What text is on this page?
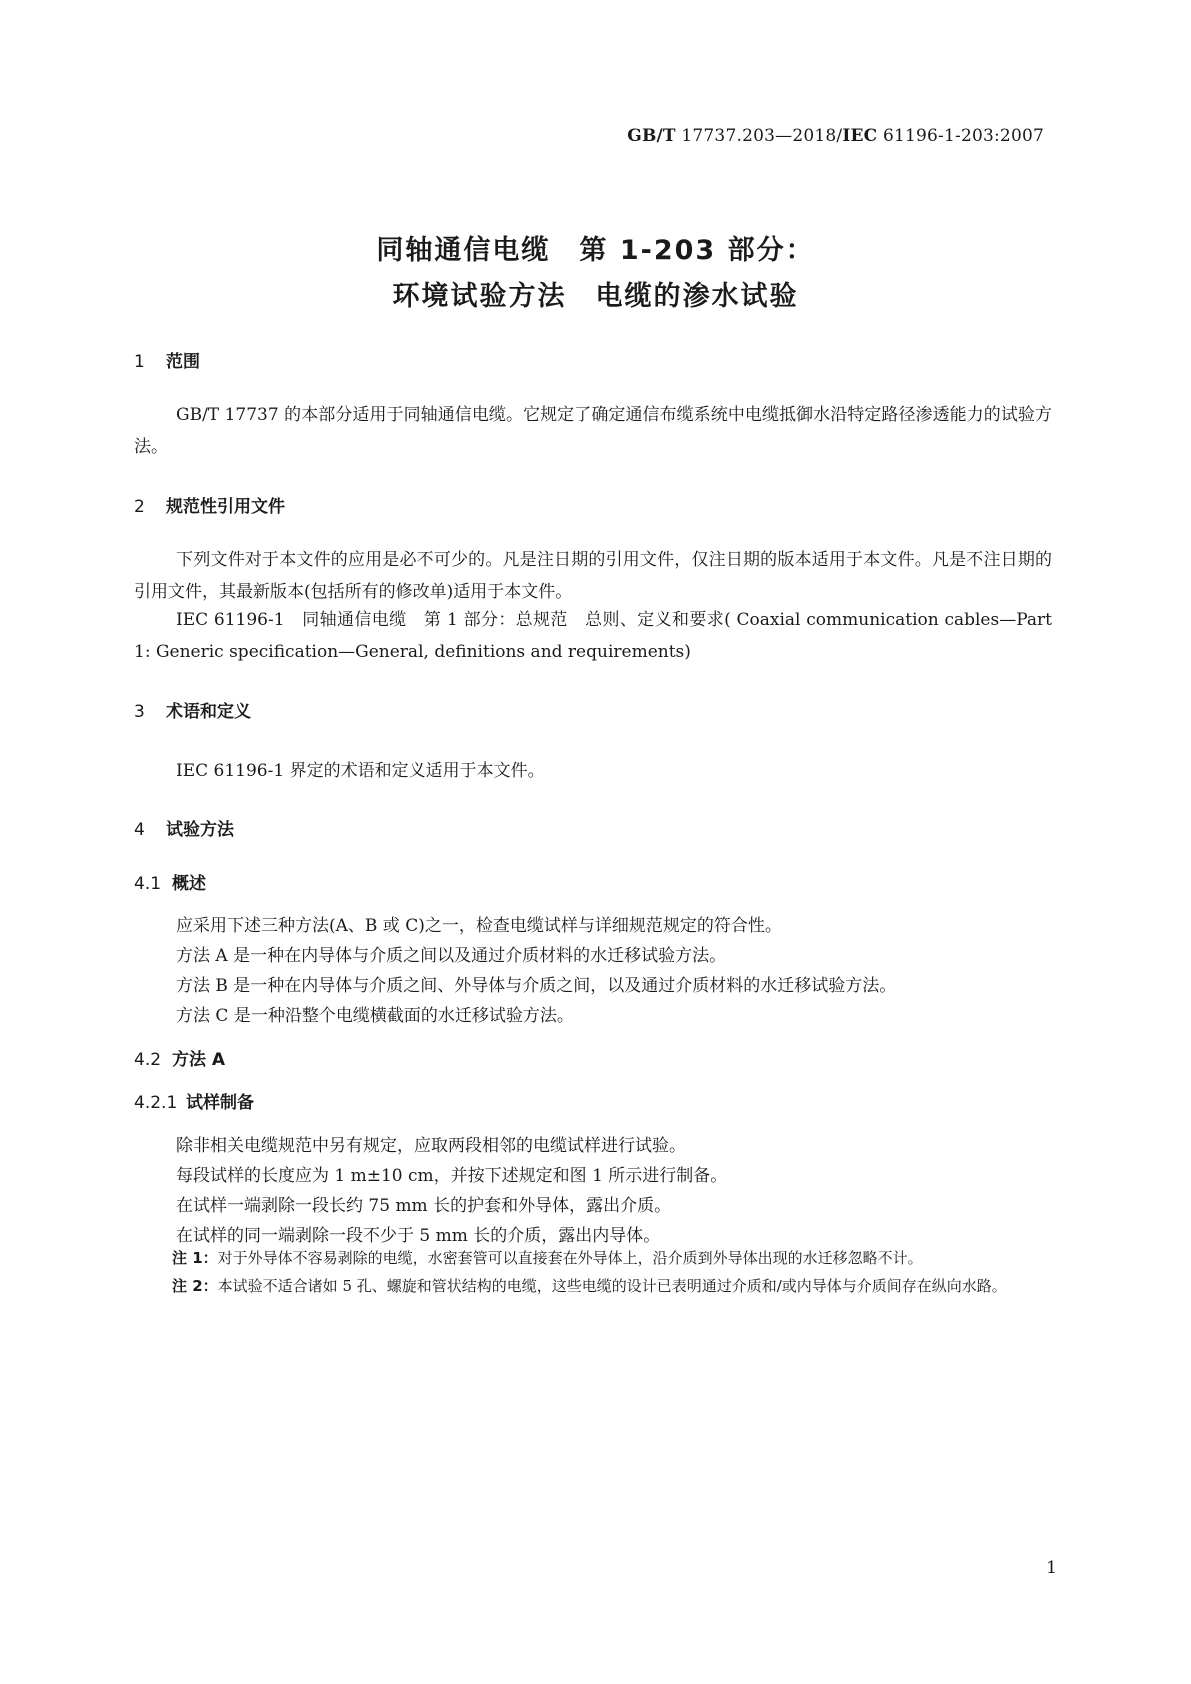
GB/T 17737.203—2018/IEC 61196-1-203:2007
同轴通信电缆　第 1-203 部分：
环境试验方法　电缆的渗水试验
1 范围
GB/T 17737 的本部分适用于同轴通信电缆。它规定了确定通信布缆系统中电缆抵御水沿特定路径渗透能力的试验方法。
2 规范性引用文件
下列文件对于本文件的应用是必不可少的。凡是注日期的引用文件，仅注日期的版本适用于本文件。凡是不注日期的引用文件，其最新版本(包括所有的修改单)适用于本文件。
IEC 61196-1　同轴通信电缆　第 1 部分：总规范　总则、定义和要求( Coaxial communication cables—Part 1: Generic specification—General, definitions and requirements)
3 术语和定义
IEC 61196-1 界定的术语和定义适用于本文件。
4 试验方法
4.1 概述
应采用下述三种方法(A、B 或 C)之一，检查电缆试样与详细规范规定的符合性。
方法 A 是一种在内导体与介质之间以及通过介质材料的水迁移试验方法。
方法 B 是一种在内导体与介质之间、外导体与介质之间，以及通过介质材料的水迁移试验方法。
方法 C 是一种沿整个电缆横截面的水迁移试验方法。
4.2 方法 A
4.2.1 试样制备
除非相关电缆规范中另有规定，应取两段相邻的电缆试样进行试验。
每段试样的长度应为 1 m±10 cm，并按下述规定和图 1 所示进行制备。
在试样一端剥除一段长约 75 mm 长的护套和外导体，露出介质。
在试样的同一端剥除一段不少于 5 mm 长的介质，露出内导体。
注 1：对于外导体不容易剥除的电缆，水密套管可以直接套在外导体上，沿介质到外导体出现的水迁移忽略不计。
注 2：本试验不适合诸如 5 孔、螺旋和管状结构的电缆，这些电缆的设计已表明通过介质和/或内导体与介质间存在纵向水路。
1
